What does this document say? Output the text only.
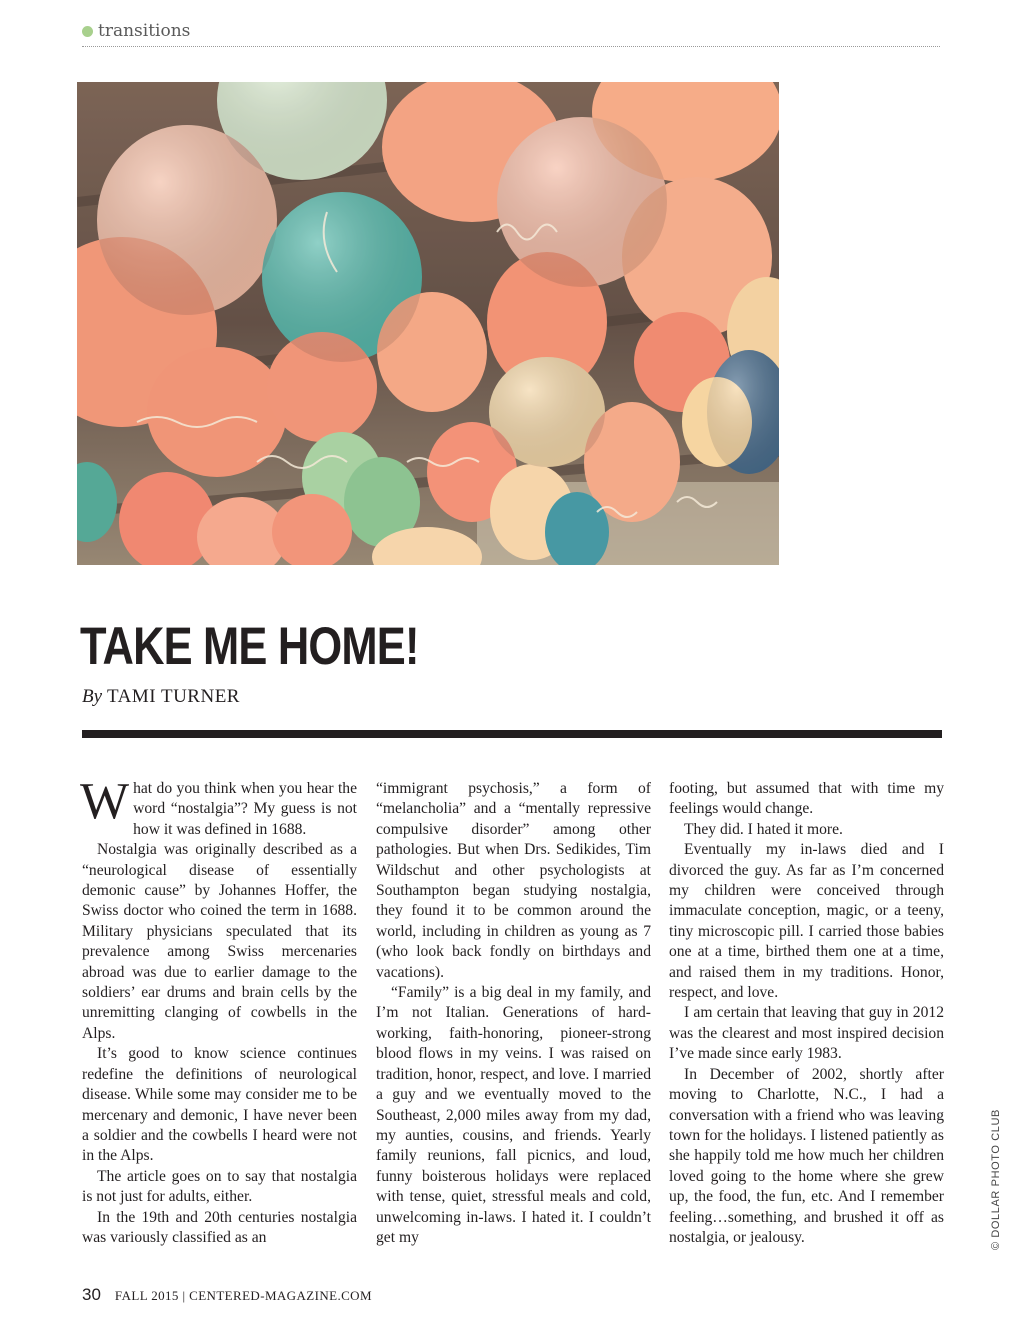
transitions
TAKE ME HOME!
By TAMI TURNER

What do you think when you hear the word “nostalgia”? My guess is not how it was defined in 1688.

Nostalgia was originally described as a “neurological disease of essentially demonic cause” by Johannes Hoffer, the Swiss doctor who coined the term in 1688. Military physicians speculated that its prevalence among Swiss mercenaries abroad was due to earlier damage to the soldiers’ ear drums and brain cells by the unremitting clanging of cowbells in the Alps.

It’s good to know science continues redefine the definitions of neurological disease. While some may consider me to be mercenary and demonic, I have never been a soldier and the cowbells I heard were not in the Alps.

The article goes on to say that nostalgia is not just for adults, either.

In the 19th and 20th centuries nostalgia was variously classified as an

“immigrant psychosis,” a form of “melancholia” and a “mentally repressive compulsive disorder” among other pathologies. But when Drs. Sedikides, Tim Wildschut and other psychologists at Southampton began studying nostalgia, they found it to be common around the world, including in children as young as 7 (who look back fondly on birthdays and vacations).

“Family” is a big deal in my family, and I’m not Italian. Generations of hard-working, faith-honoring, pioneer-strong blood flows in my veins. I was raised on tradition, honor, respect, and love. I married a guy and we eventually moved to the Southeast, 2,000 miles away from my dad, my aunties, cousins, and friends. Yearly family reunions, fall picnics, and loud, funny boisterous holidays were replaced with tense, quiet, stressful meals and cold, unwelcoming in-laws. I hated it. I couldn’t get my

footing, but assumed that with time my feelings would change.

They did. I hated it more.

Eventually my in-laws died and I divorced the guy. As far as I’m concerned my children were conceived through immaculate conception, magic, or a teeny, tiny microscopic pill. I carried those babies one at a time, birthed them one at a time, and raised them in my traditions. Honor, respect, and love.

I am certain that leaving that guy in 2012 was the clearest and most inspired decision I’ve made since early 1983.

In December of 2002, shortly after moving to Charlotte, N.C., I had a conversation with a friend who was leaving town for the holidays. I listened patiently as she happily told me how much her children loved going to the home where she grew up, the food, the fun, etc. And I remember feeling…something, and brushed it off as nostalgia, or jealousy.	© DOLLAR PHOTO CLUB
30 FALL 2015 | CENTERED-MAGAZINE.COM
